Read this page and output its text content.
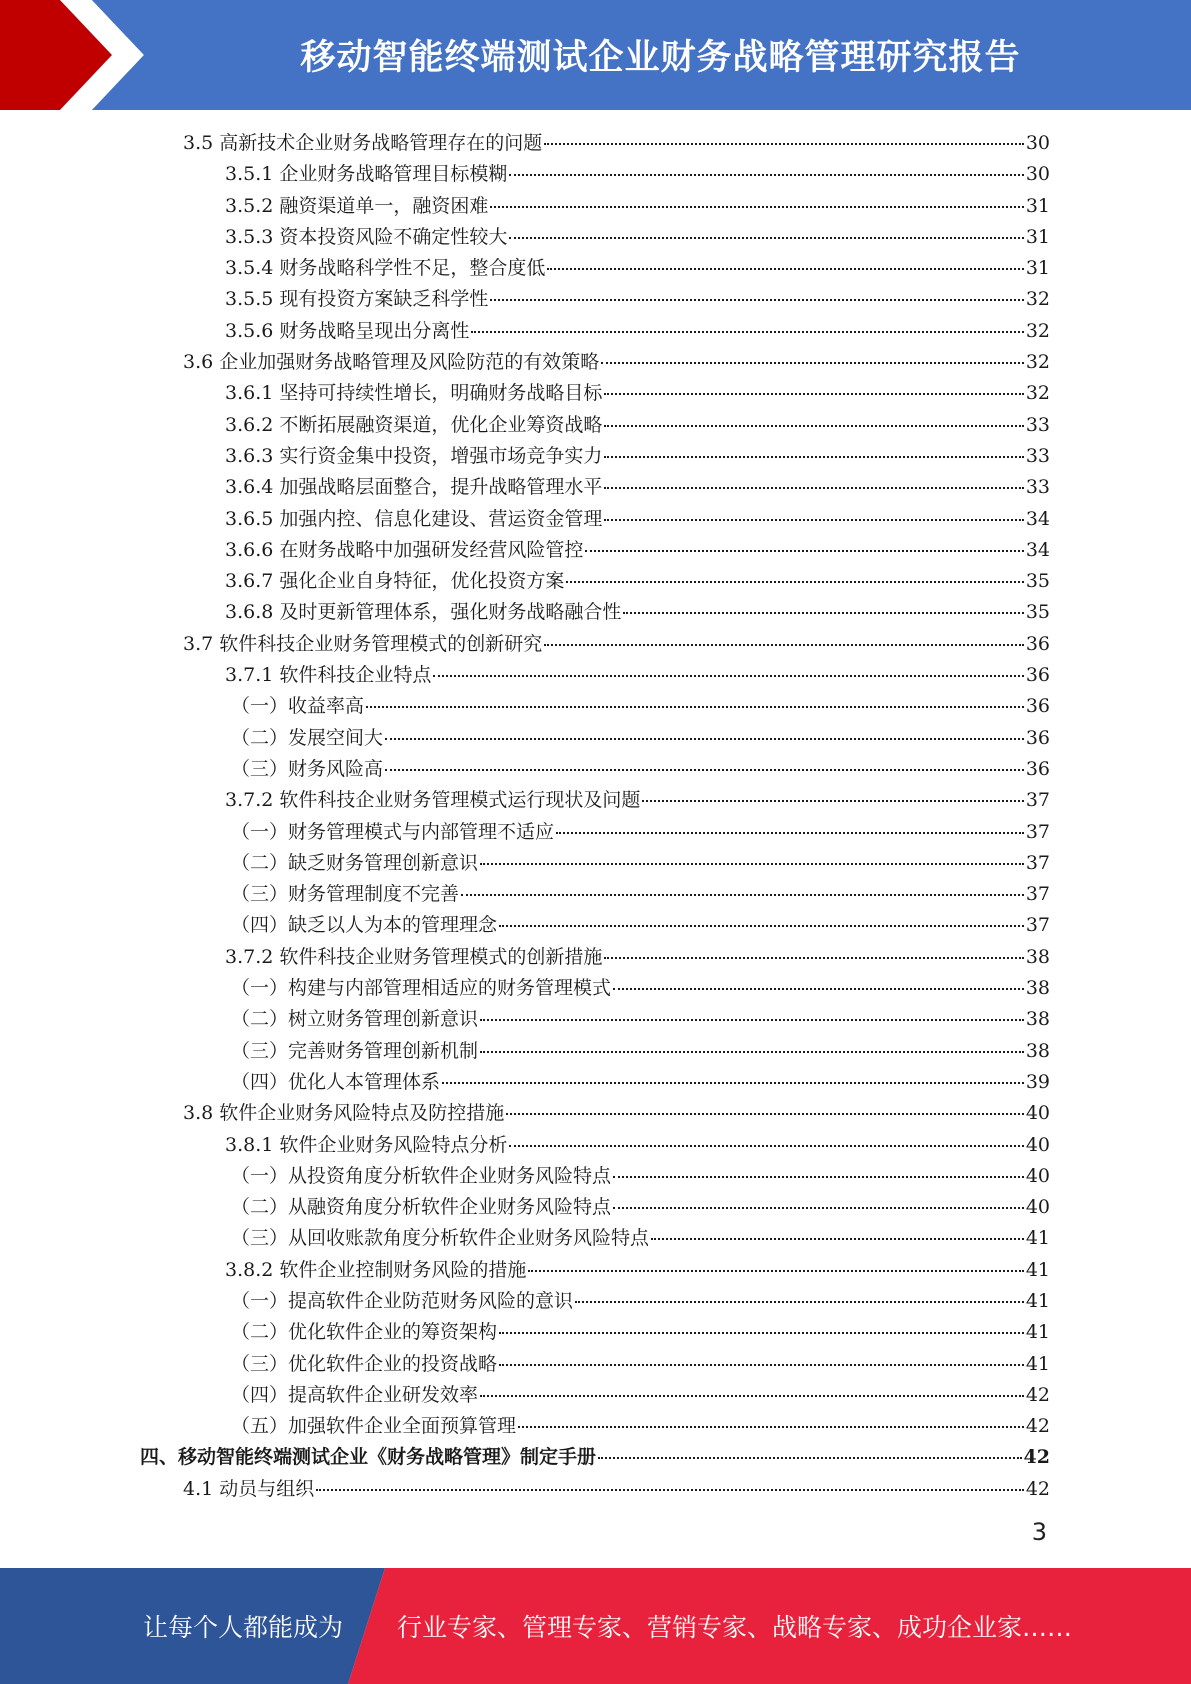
移动智能终端测试企业财务战略管理研究报告
3.5 高新技术企业财务战略管理存在的问题	30
3.5.1 企业财务战略管理目标模糊	30
3.5.2 融资渠道单一，融资困难	31
3.5.3 资本投资风险不确定性较大	31
3.5.4 财务战略科学性不足，整合度低	31
3.5.5 现有投资方案缺乏科学性	32
3.5.6 财务战略呈现出分离性	32
3.6 企业加强财务战略管理及风险防范的有效策略	32
3.6.1 坚持可持续性增长，明确财务战略目标	32
3.6.2 不断拓展融资渠道，优化企业筹资战略	33
3.6.3 实行资金集中投资，增强市场竞争实力	33
3.6.4 加强战略层面整合，提升战略管理水平	33
3.6.5 加强内控、信息化建设、营运资金管理	34
3.6.6 在财务战略中加强研发经营风险管控	34
3.6.7 强化企业自身特征，优化投资方案	35
3.6.8 及时更新管理体系，强化财务战略融合性	35
3.7 软件科技企业财务管理模式的创新研究	36
3.7.1 软件科技企业特点	36
（一）收益率高	36
（二）发展空间大	36
（三）财务风险高	36
3.7.2 软件科技企业财务管理模式运行现状及问题	37
（一）财务管理模式与内部管理不适应	37
（二）缺乏财务管理创新意识	37
（三）财务管理制度不完善	37
（四）缺乏以人为本的管理理念	37
3.7.2 软件科技企业财务管理模式的创新措施	38
（一）构建与内部管理相适应的财务管理模式	38
（二）树立财务管理创新意识	38
（三）完善财务管理创新机制	38
（四）优化人本管理体系	39
3.8 软件企业财务风险特点及防控措施	40
3.8.1 软件企业财务风险特点分析	40
（一）从投资角度分析软件企业财务风险特点	40
（二）从融资角度分析软件企业财务风险特点	40
（三）从回收账款角度分析软件企业财务风险特点	41
3.8.2 软件企业控制财务风险的措施	41
（一）提高软件企业防范财务风险的意识	41
（二）优化软件企业的筹资架构	41
（三）优化软件企业的投资战略	41
（四）提高软件企业研发效率	42
（五）加强软件企业全面预算管理	42
四、移动智能终端测试企业《财务战略管理》制定手册	42
4.1 动员与组织	42
3
让每个人都能成为 行业专家、管理专家、营销专家、战略专家、成功企业家……
